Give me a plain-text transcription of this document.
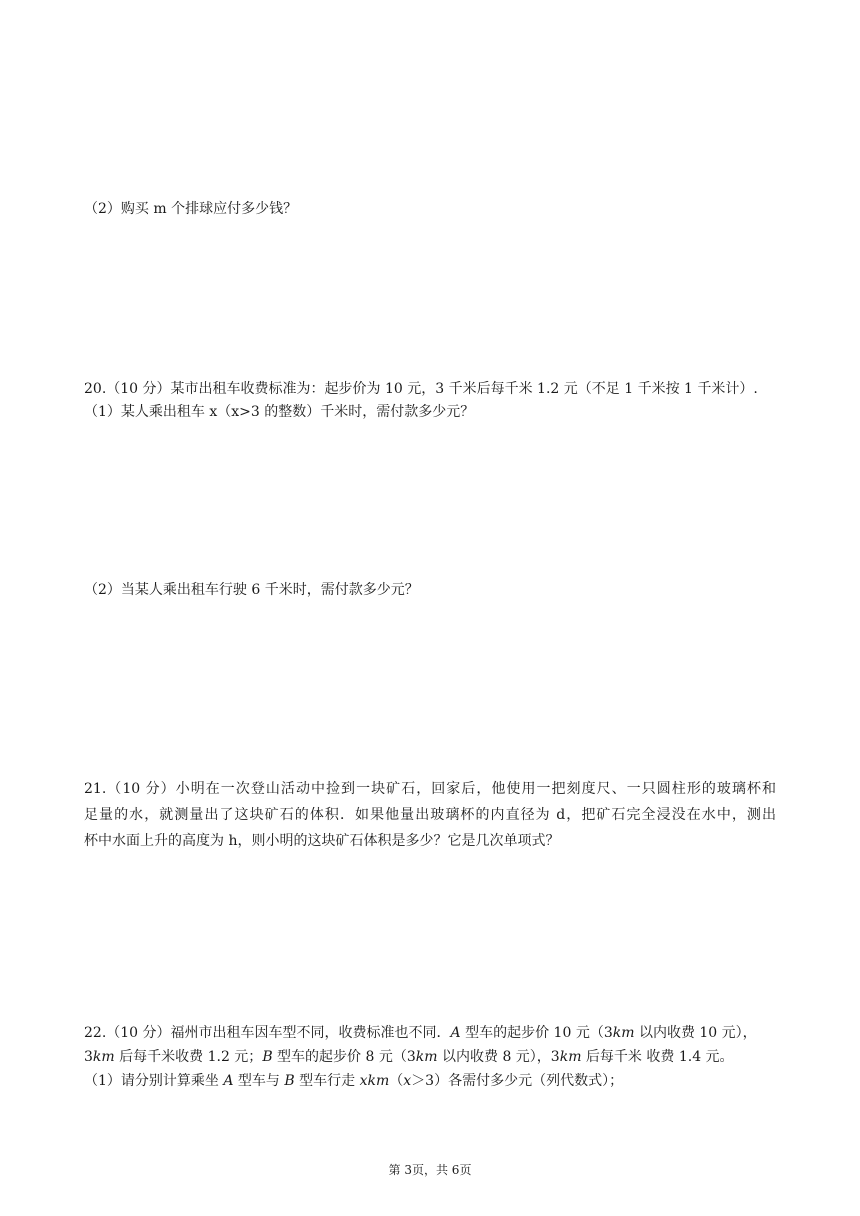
（2）购买 m 个排球应付多少钱？
20.（10 分）某市出租车收费标准为：起步价为 10 元，3 千米后每千米 1.2 元（不足 1 千米按 1 千米计）.
（1）某人乘出租车 x（x>3 的整数）千米时，需付款多少元？
（2）当某人乘出租车行驶 6 千米时，需付款多少元？
21.（10 分）小明在一次登山活动中捡到一块矿石，回家后，他使用一把刻度尺、一只圆柱形的玻璃杯和
足量的水，就测量出了这块矿石的体积．如果他量出玻璃杯的内直径为 d，把矿石完全浸没在水中，测出
杯中水面上升的高度为 h，则小明的这块矿石体积是多少？它是几次单项式？
22.（10 分）福州市出租车因车型不同，收费标准也不同．A 型车的起步价 10 元（3km 以内收费 10 元），
3km 后每千米收费 1.2 元；B 型车的起步价 8 元（3km 以内收费 8 元），3km 后每千米 收费 1.4 元。
（1）请分别计算乘坐 A 型车与 B 型车行走 xkm（x＞3）各需付多少元（列代数式）；
第 3页，共 6页
